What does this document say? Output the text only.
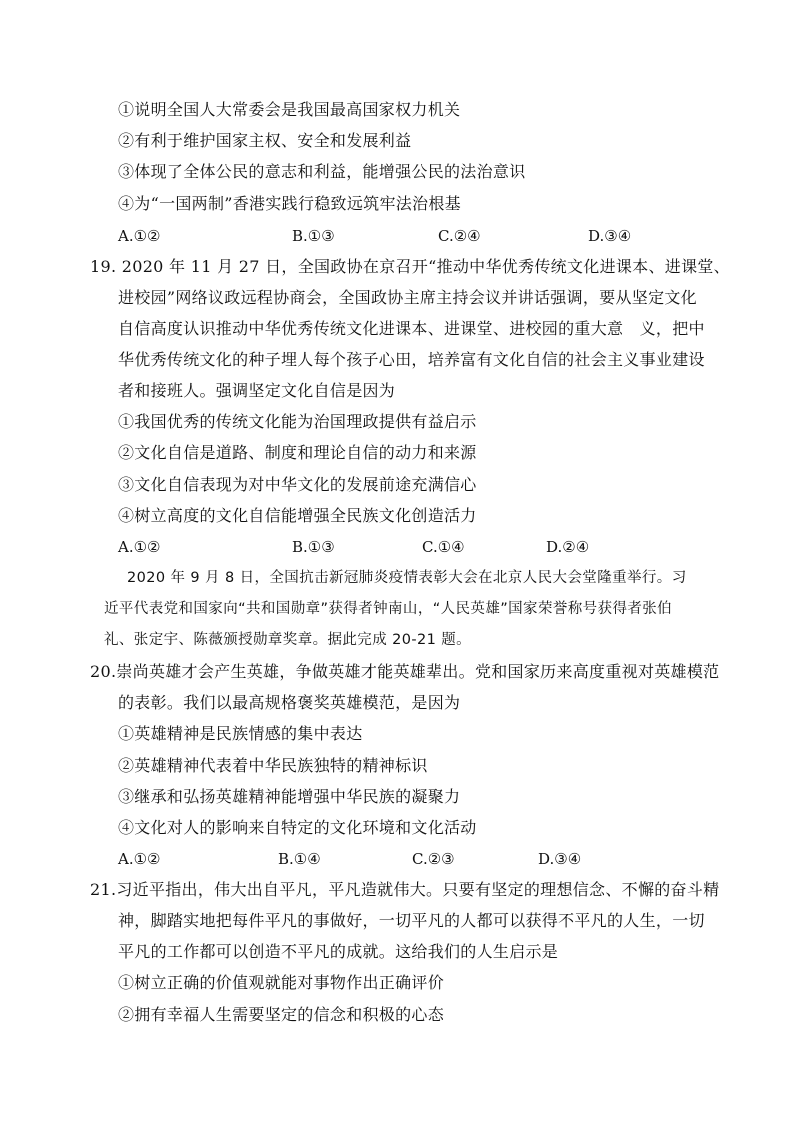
①说明全国人大常委会是我国最高国家权力机关
②有利于维护国家主权、安全和发展利益
③体现了全体公民的意志和利益，能增强公民的法治意识
④为“一国两制”香港实践行稳致远筑牢法治根基
A.①②	B.①③	C.②④	D.③④
19. 2020 年 11 月 27 日，全国政协在京召开“推动中华优秀传统文化进课本、进课堂、
进校园”网络议政远程协商会，全国政协主席主持会议并讲话强调，要从坚定文化
自信高度认识推动中华优秀传统文化进课本、进课堂、进校园的重大意　义，把中
华优秀传统文化的种子埋人每个孩子心田，培养富有文化自信的社会主义事业建设
者和接班人。强调坚定文化自信是因为
①我国优秀的传统文化能为治国理政提供有益启示
②文化自信是道路、制度和理论自信的动力和来源
③文化自信表现为对中华文化的发展前途充满信心
④树立高度的文化自信能增强全民族文化创造活力
A.①②	B.①③	C.①④	D.②④
2020 年 9 月 8 日，全国抗击新冠肺炎疫情表彰大会在北京人民大会堂隆重举行。习
近平代表党和国家向“共和国勋章”获得者钟南山，“人民英雄”国家荣誉称号获得者张伯
礼、张定宇、陈薇颁授勋章奖章。据此完成 20-21 题。
20.崇尚英雄才会产生英雄，争做英雄才能英雄辈出。党和国家历来高度重视对英雄模范
的表彰。我们以最高规格褒奖英雄模范，是因为
①英雄精神是民族情感的集中表达
②英雄精神代表着中华民族独特的精神标识
③继承和弘扬英雄精神能增强中华民族的凝聚力
④文化对人的影响来自特定的文化环境和文化活动
A.①②	B.①④	C.②③	D.③④
21.习近平指出，伟大出自平凡，平凡造就伟大。只要有坚定的理想信念、不懈的奋斗精
神，脚踏实地把每件平凡的事做好，一切平凡的人都可以获得不平凡的人生，一切
平凡的工作都可以创造不平凡的成就。这给我们的人生启示是
①树立正确的价值观就能对事物作出正确评价
②拥有幸福人生需要坚定的信念和积极的心态
